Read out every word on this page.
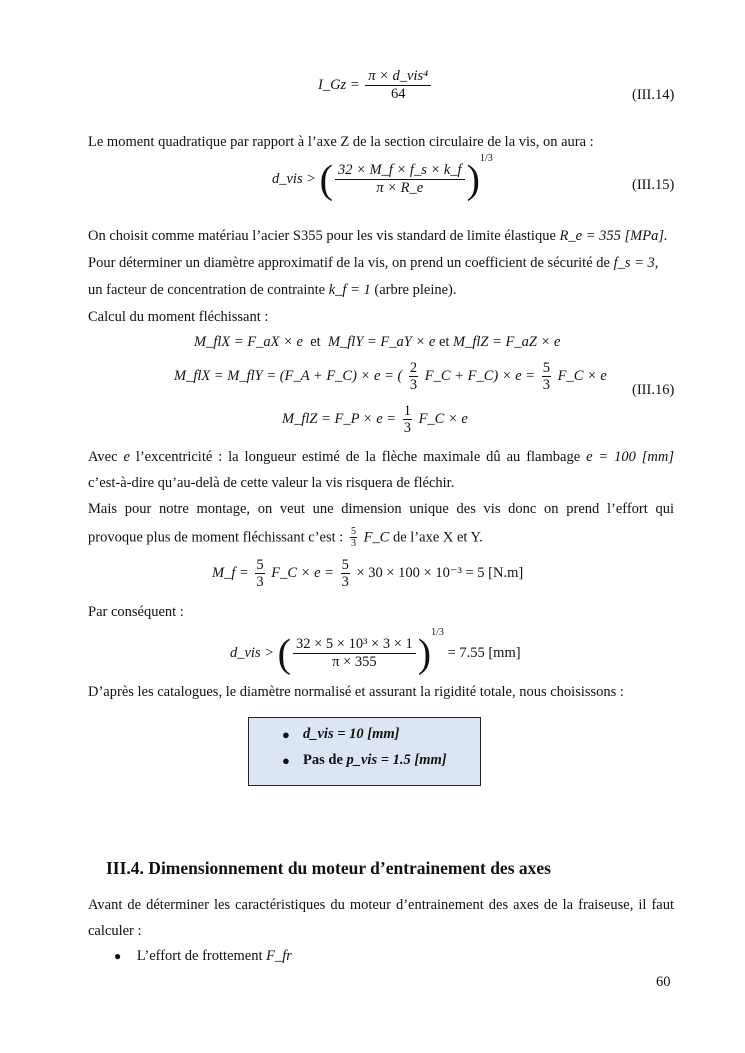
I_Gz = $\frac{\text{π × d\_vis⁴}}{64}$	(III.14)
Le moment quadratique par rapport à l’axe Z de la section circulaire de la vis, on aura :
d_vis > ( $\frac{32 \times M\_f \times f\_s \times k\_f}{\pi \times R\_e} )^{1/3}$
(III.15)
On choisit comme matériau l’acier S355 pour les vis standard de limite élastique R_e = 355 [MPa].
Pour déterminer un diamètre approximatif de la vis, on prend un coefficient de sécurité de f_s = 3,
un facteur de concentration de contrainte k_f = 1 (arbre pleine).
Calcul du moment fléchissant :
M_flX = F_aX × e et M_flY = F_aY × e et M_flZ = F_aZ × e
M_flX = M_flY = (F_A + F_C) × e = ( $\frac{2}{3}$ F_C + F_C) × $e = \frac{5}{3}$ F_C × e
(III.16)
M_flZ = F_P × $e = \frac{1}{3}$ F_C × e
Avec e l’excentricité : la longueur estimé de la flèche maximale dû au flambage e = 100 [mm]
c’est-à-dire qu’au-delà de cette valeur la vis risquera de fléchir.
Mais pour notre montage, on veut une dimension unique des vis donc on prend l’effort qui
provoque plus de moment fléchissant c’est : $\frac{5}{3}$ F_C de l’axe X et Y.
M_f = $\frac{5}{3}$ F_C × $e = \frac{5}{3} \times 30 \times 100 \times 10^{-3} = 5$ [N.m]
Par conséquent :
d_vis > ( $\frac{\text{32 × 5 × 10³ × 3 × 1}}{\pi \times 355} )^{1/3} = 7.55$ [mm]
D’après les catalogues, le diamètre normalisé et assurant la rigidité totale, nous choisissons :
● d_vis = 10 [mm]
● Pas de p_vis = 1.5 [mm]
III.4. Dimensionnement du moteur d’entrainement des axes
Avant de déterminer les caractéristiques du moteur d’entrainement des axes de la fraiseuse, il faut
calculer :
● L’effort de frottement F_fr
60
